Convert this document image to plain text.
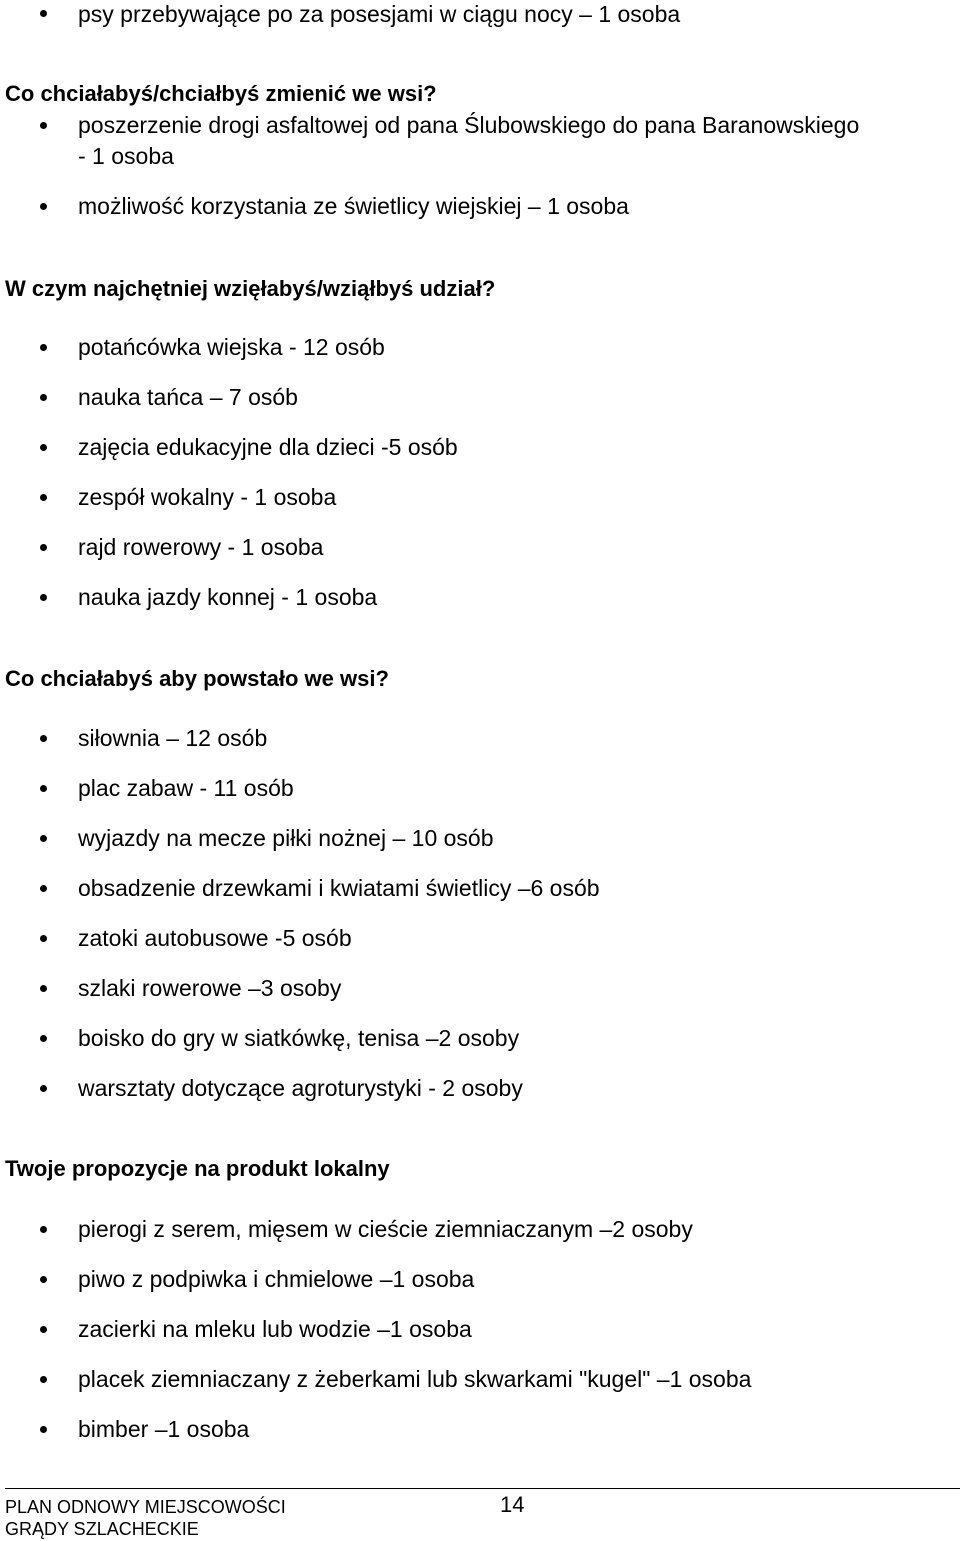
psy przebywające po za posesjami w ciągu nocy – 1 osoba
Co chciałabyś/chciałbyś zmienić we wsi?
poszerzenie drogi asfaltowej od pana Ślubowskiego do pana Baranowskiego
- 1 osoba
możliwość korzystania ze świetlicy wiejskiej – 1 osoba
W czym najchętniej wzięłabyś/wziąłbyś udział?
potańcówka wiejska - 12 osób
nauka tańca – 7 osób
zajęcia edukacyjne dla dzieci -5 osób
zespół wokalny - 1 osoba
rajd rowerowy - 1 osoba
nauka jazdy konnej - 1 osoba
Co chciałabyś aby powstało we wsi?
siłownia – 12 osób
plac zabaw - 11 osób
wyjazdy na mecze piłki nożnej – 10 osób
obsadzenie drzewkami i kwiatami świetlicy –6 osób
zatoki autobusowe -5 osób
szlaki rowerowe –3 osoby
boisko do gry w siatkówkę, tenisa –2 osoby
warsztaty dotyczące agroturystyki - 2 osoby
Twoje propozycje na produkt lokalny
pierogi z serem, mięsem w cieście ziemniaczanym –2 osoby
piwo z podpiwka i chmielowe –1 osoba
zacierki na mleku lub wodzie –1 osoba
placek ziemniaczany z żeberkami lub skwarkami "kugel" –1 osoba
bimber –1 osoba
PLAN ODNOWY MIEJSCOWOŚCI
GRĄDY SZLACHECKIE
14
